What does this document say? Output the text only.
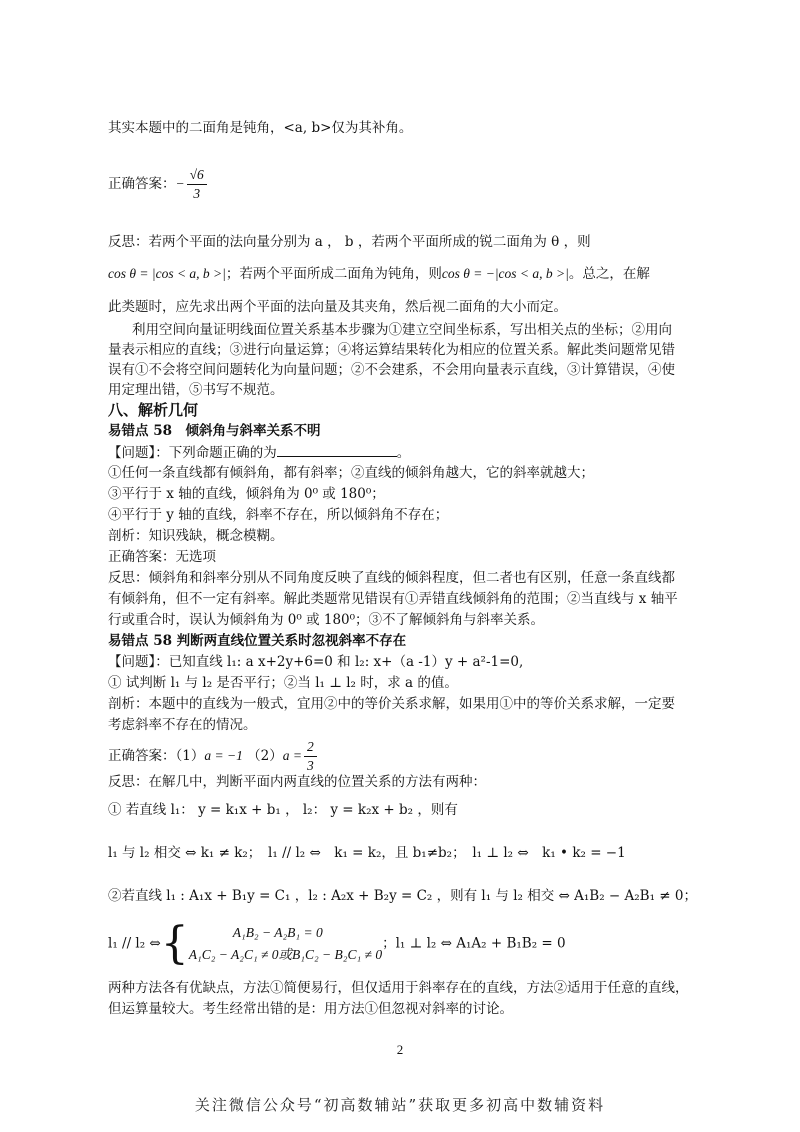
其实本题中的二面角是钝角，<a, b>仅为其补角。
正确答案：− $\frac{√6}{3}$
反思：若两个平面的法向量分别为 a ， b ，若两个平面所成的锐二面角为 θ ，则
cos θ = |cos < a, b >|；若两个平面所成二面角为钝角，则cos θ = −|cos < a, b >|。总之，在解
此类题时，应先求出两个平面的法向量及其夹角，然后视二面角的大小而定。
利用空间向量证明线面位置关系基本步骤为①建立空间坐标系，写出相关点的坐标；②用向
量表示相应的直线；③进行向量运算；④将运算结果转化为相应的位置关系。解此类问题常见错
误有①不会将空间问题转化为向量问题；②不会建系，不会用向量表示直线，③计算错误，④使
用定理出错，⑤书写不规范。
八、解析几何
易错点 58　倾斜角与斜率关系不明
【问题】：下列命题正确的为	。
①任何一条直线都有倾斜角，都有斜率；②直线的倾斜角越大，它的斜率就越大；
③平行于 x 轴的直线，倾斜角为 0⁰ 或 180⁰；
④平行于 y 轴的直线，斜率不存在，所以倾斜角不存在；
剖析：知识残缺，概念模糊。
正确答案：无选项
反思：倾斜角和斜率分别从不同角度反映了直线的倾斜程度，但二者也有区别，任意一条直线都
有倾斜角，但不一定有斜率。解此类题常见错误有①弄错直线倾斜角的范围；②当直线与 x 轴平
行或重合时，误认为倾斜角为 0⁰ 或 180⁰；③不了解倾斜角与斜率关系。
易错点 58 判断两直线位置关系时忽视斜率不存在
【问题】：已知直线 l₁: a x+2y+6=0 和 l₂: x+（a -1）y + a²-1=0,
① 试判断 l₁ 与 l₂ 是否平行；②当 l₁ ⊥ l₂ 时，求 a 的值。
剖析：本题中的直线为一般式，宜用②中的等价关系求解，如果用①中的等价关系求解，一定要
考虑斜率不存在的情况。
正确答案：（1）a = −1 $(2)a = \frac{2}{3}$
反思：在解几中，判断平面内两直线的位置关系的方法有两种：
① 若直线 l₁： y = k₁x + b₁ ， l₂： y = k₂x + b₂ ，则有
l₁ 与 l₂ 相交 ⇔ k₁ ≠ k₂；　l₁ // l₂ ⇔　k₁ = k₂，且 b₁≠b₂；　l₁ ⊥ l₂ ⇔　k₁ • k₂ = −1
②若直线 l₁ : A₁x + B₁y = C₁ ，l₂ : A₂x + B₂y = C₂ ，则有 l₁ 与 l₂ 相交 ⇔ A₁B₂ − A₂B₁ ≠ 0；
l₁ // l₂ ⇔{	A₁B₂ − A₂B₁ = 0
A₁C₂ − A₂C₁ ≠ 0或B₁C₂ − B₂C₁ ≠ 0
；l₁ ⊥ l₂ ⇔ A₁A₂ + B₁B₂ = 0
两种方法各有优缺点，方法①简便易行，但仅适用于斜率存在的直线，方法②适用于任意的直线，
但运算量较大。考生经常出错的是：用方法①但忽视对斜率的讨论。
2
关注微信公众号“初高数辅站”获取更多初高中数辅资料
